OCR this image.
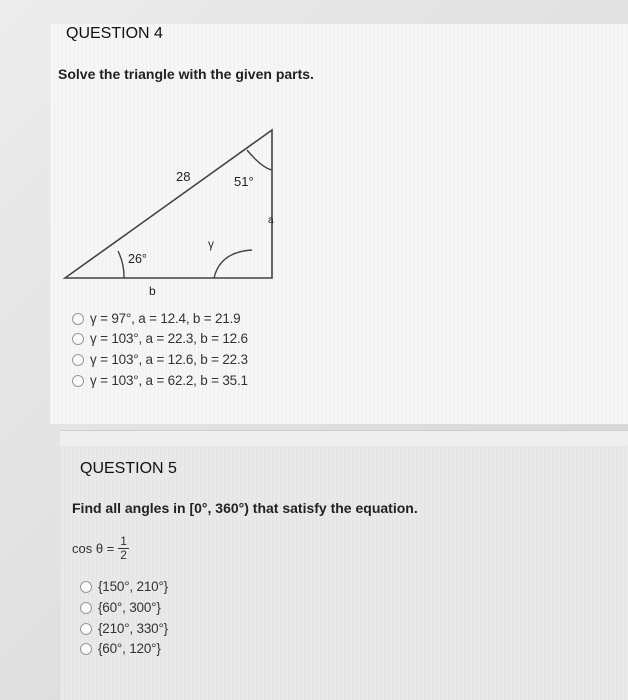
QUESTION 4
Solve the triangle with the given parts.
28	51°
a
γ
26°
b
γ = 97°, a = 12.4, b = 21.9
γ = 103°, a = 22.3, b = 12.6
γ = 103°, a = 12.6, b = 22.3
γ = 103°, a = 62.2, b = 35.1
QUESTION 5
Find all angles in [0°, 360°) that satisfy the equation.
$\cos \theta = \frac{1}{2}$
{150°, 210°}
{60°, 300°}
{210°, 330°}
{60°, 120°}
